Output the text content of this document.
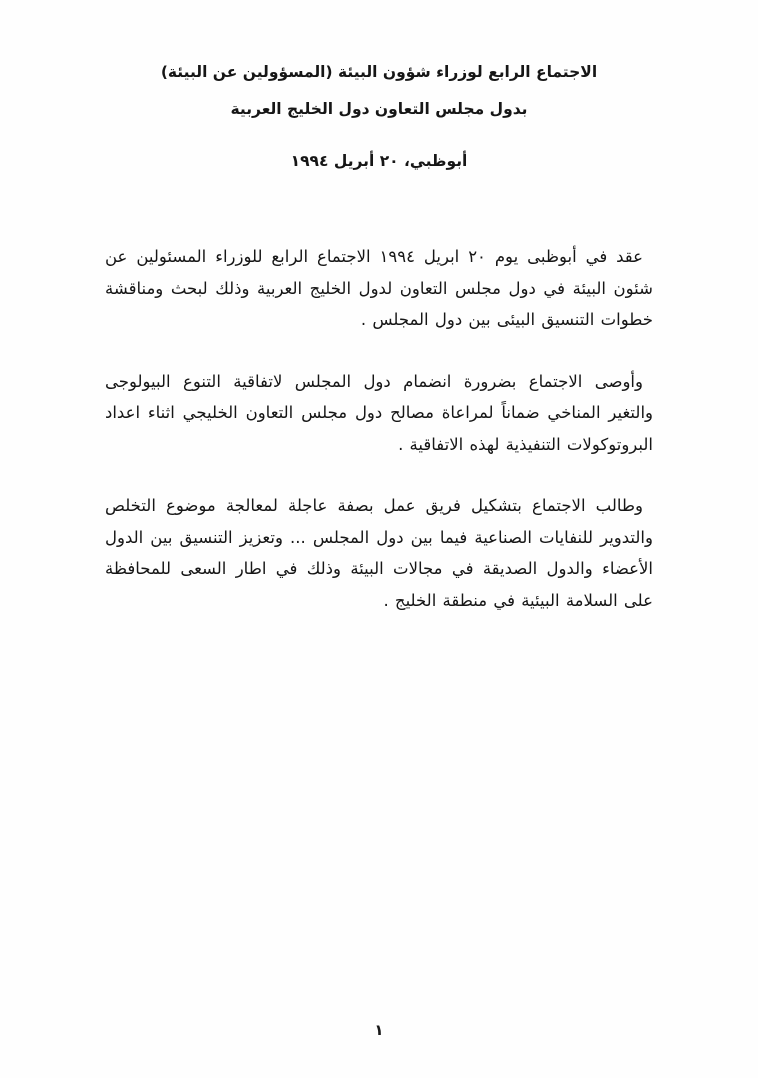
الاجتماع الرابع لوزراء شؤون البيئة (المسؤولين عن البيئة)
بدول مجلس التعاون دول الخليج العربية
أبوظبي، ٢٠ أبريل ١٩٩٤

عقد في أبوظبى يوم ٢٠ ابريل ١٩٩٤ الاجتماع الرابع للوزراء المسئولين عن شئون البيئة في دول مجلس التعاون لدول الخليج العربية وذلك لبحث ومناقشة خطوات التنسيق البيئى بين دول المجلس .

وأوصى الاجتماع بضرورة انضمام دول المجلس لاتفاقية التنوع البيولوجى والتغير المناخي ضماناً لمراعاة مصالح دول مجلس التعاون الخليجي اثناء اعداد البروتوكولات التنفيذية لهذه الاتفاقية .

وطالب الاجتماع بتشكيل فريق عمل بصفة عاجلة لمعالجة موضوع التخلص والتدوير للنفايات الصناعية فيما بين دول المجلس ... وتعزيز التنسيق بين الدول الأعضاء والدول الصديقة في مجالات البيئة وذلك في اطار السعى للمحافظة على السلامة البيئية في منطقة الخليج .

١
